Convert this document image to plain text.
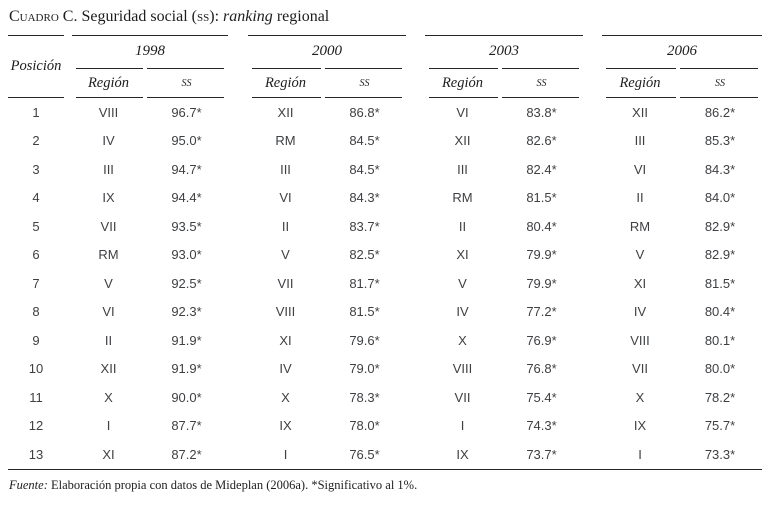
Cuadro C. Seguridad social (ss): ranking regional
Posición		1998			2000			2003			2006	
		Región	ss		Región	ss		Región	ss		Región	ss
1		VIII	96.7*		XII	86.8*		VI	83.8*		XII	86.2*
2		IV	95.0*		RM	84.5*		XII	82.6*		III	85.3*
3		III	94.7*		III	84.5*		III	82.4*		VI	84.3*
4		IX	94.4*		VI	84.3*		RM	81.5*		II	84.0*
5		VII	93.5*		II	83.7*		II	80.4*		RM	82.9*
6		RM	93.0*		V	82.5*		XI	79.9*		V	82.9*
7		V	92.5*		VII	81.7*		V	79.9*		XI	81.5*
8		VI	92.3*		VIII	81.5*		IV	77.2*		IV	80.4*
9		II	91.9*		XI	79.6*		X	76.9*		VIII	80.1*
10		XII	91.9*		IV	79.0*		VIII	76.8*		VII	80.0*
11		X	90.0*		X	78.3*		VII	75.4*		X	78.2*
12		I	87.7*		IX	78.0*		I	74.3*		IX	75.7*
13		XI	87.2*		I	76.5*		IX	73.7*		I	73.3*
Fuente: Elaboración propia con datos de Mideplan (2006a). *Significativo al 1%.
